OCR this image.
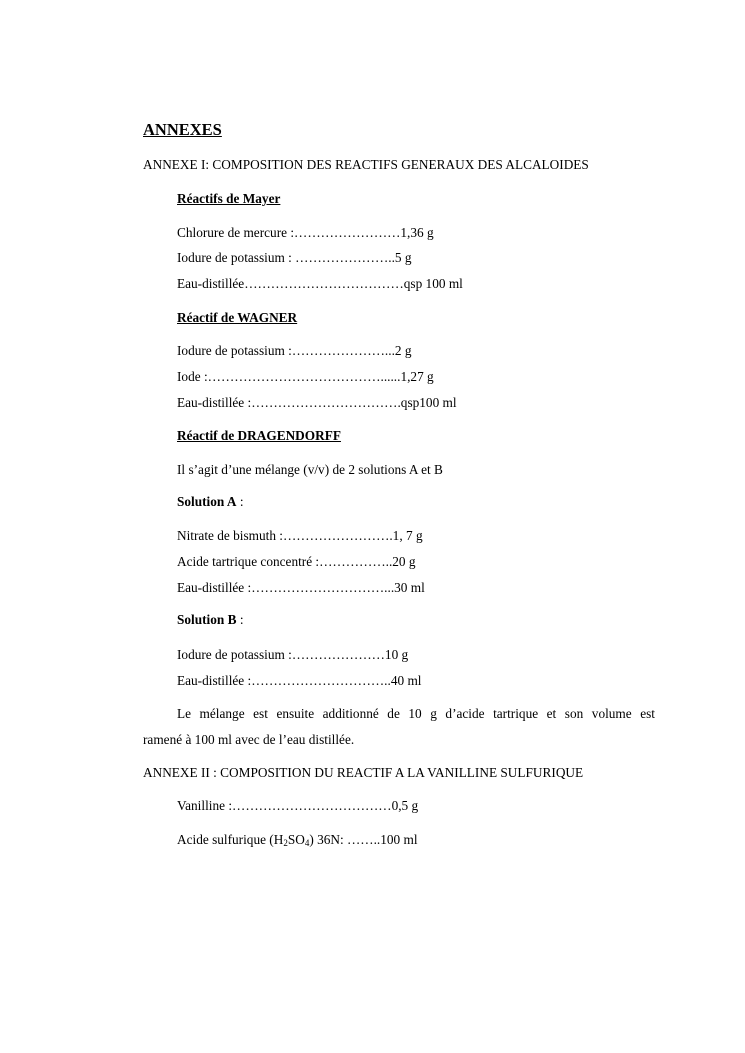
ANNEXES
ANNEXE I: COMPOSITION DES REACTIFS GENERAUX DES ALCALOIDES
Réactifs de Mayer
Chlorure de mercure :……………………1,36 g
Iodure de potassium : …………………..5 g
Eau-distillée………………………………qsp 100 ml
Réactif de WAGNER
Iodure de potassium :…………………...2 g
Iode :…………………………………......1,27 g
Eau-distillée :…………………………….qsp100 ml
Réactif de DRAGENDORFF
Il s’agit d’une mélange (v/v) de 2 solutions A et B
Solution A :
Nitrate de bismuth :…………………….1, 7 g
Acide tartrique concentré :……………..20 g
Eau-distillée :…………………………...30 ml
Solution B :
Iodure de potassium :…………………10 g
Eau-distillée :…………………………..40 ml
Le mélange est ensuite additionné de 10 g d’acide tartrique et son volume est
ramené à 100 ml avec de l’eau distillée.
ANNEXE II : COMPOSITION DU REACTIF A LA VANILLINE SULFURIQUE
Vanilline :………………………………0,5 g
Acide sulfurique $(H_2SO_4)$ 36N: ……..100 ml
